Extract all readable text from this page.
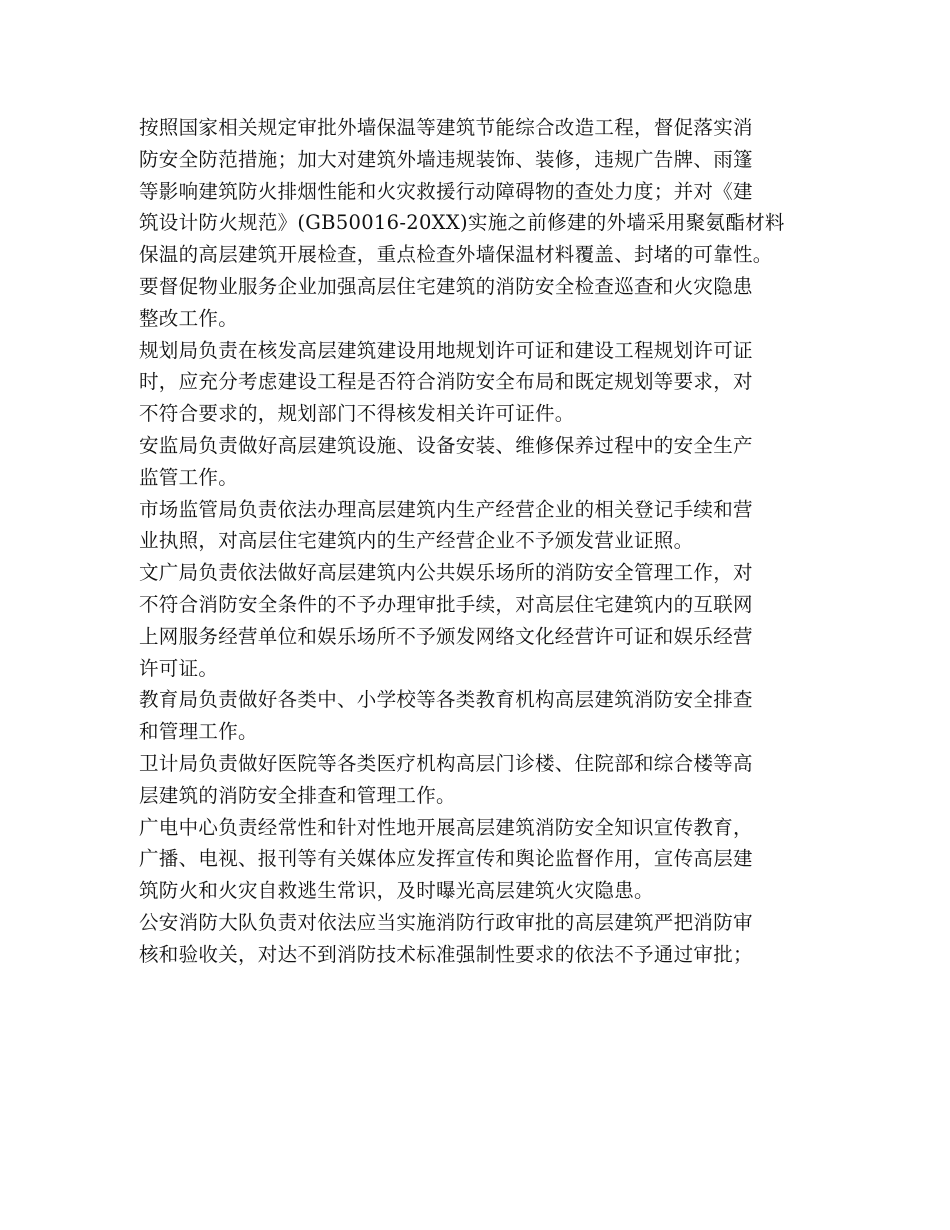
按照国家相关规定审批外墙保温等建筑节能综合改造工程，督促落实消
防安全防范措施；加大对建筑外墙违规装饰、装修，违规广告牌、雨篷
等影响建筑防火排烟性能和火灾救援行动障碍物的查处力度；并对《建
筑设计防火规范》(GB50016-20XX)实施之前修建的外墙采用聚氨酯材料
保温的高层建筑开展检查，重点检查外墙保温材料覆盖、封堵的可靠性。
要督促物业服务企业加强高层住宅建筑的消防安全检查巡查和火灾隐患
整改工作。
规划局负责在核发高层建筑建设用地规划许可证和建设工程规划许可证
时，应充分考虑建设工程是否符合消防安全布局和既定规划等要求，对
不符合要求的，规划部门不得核发相关许可证件。
安监局负责做好高层建筑设施、设备安装、维修保养过程中的安全生产
监管工作。
市场监管局负责依法办理高层建筑内生产经营企业的相关登记手续和营
业执照，对高层住宅建筑内的生产经营企业不予颁发营业证照。
文广局负责依法做好高层建筑内公共娱乐场所的消防安全管理工作，对
不符合消防安全条件的不予办理审批手续，对高层住宅建筑内的互联网
上网服务经营单位和娱乐场所不予颁发网络文化经营许可证和娱乐经营
许可证。
教育局负责做好各类中、小学校等各类教育机构高层建筑消防安全排查
和管理工作。
卫计局负责做好医院等各类医疗机构高层门诊楼、住院部和综合楼等高
层建筑的消防安全排查和管理工作。
广电中心负责经常性和针对性地开展高层建筑消防安全知识宣传教育，
广播、电视、报刊等有关媒体应发挥宣传和舆论监督作用，宣传高层建
筑防火和火灾自救逃生常识，及时曝光高层建筑火灾隐患。
公安消防大队负责对依法应当实施消防行政审批的高层建筑严把消防审
核和验收关，对达不到消防技术标准强制性要求的依法不予通过审批；
